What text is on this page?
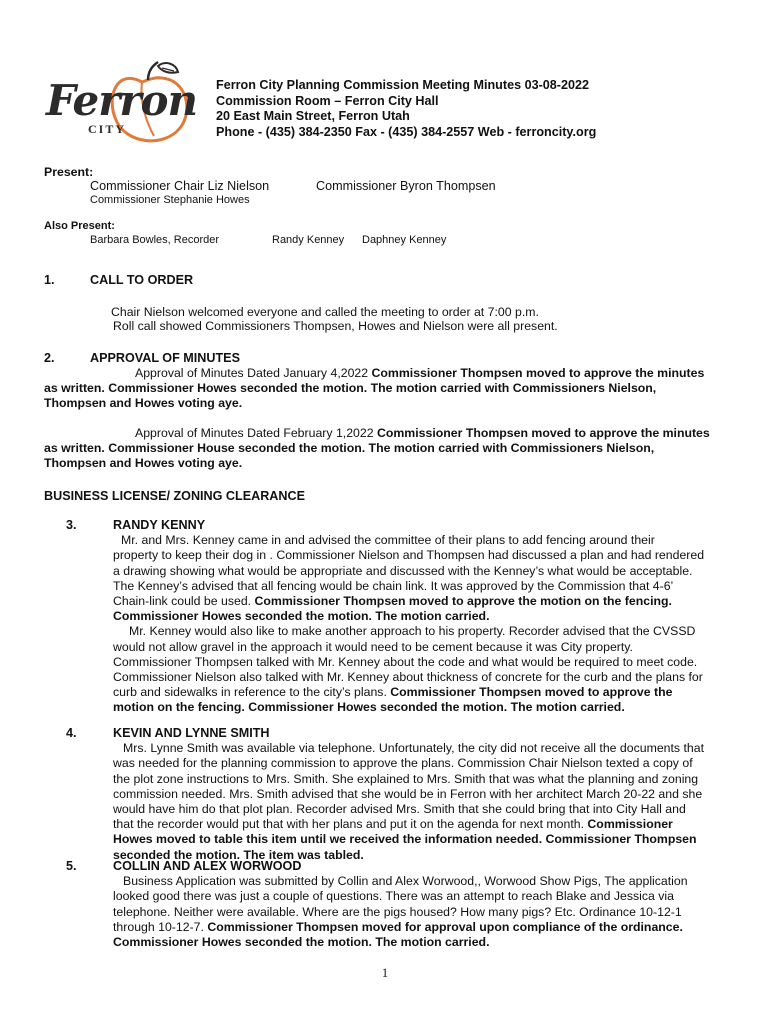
Ferron
CITY
Ferron City Planning Commission Meeting Minutes 03-08-2022
Commission Room – Ferron City Hall
20 East Main Street, Ferron Utah
Phone - (435) 384-2350 Fax - (435) 384-2557 Web - ferroncity.org
Present:
Commissioner Chair Liz Nielson	Commissioner Byron Thompsen
Commissioner Stephanie Howes
Also Present:
Barbara Bowles, Recorder	Randy Kenney Daphney Kenney
1.	CALL TO ORDER
Chair Nielson welcomed everyone and called the meeting to order at 7:00 p.m.
Roll call showed Commissioners Thompsen, Howes and Nielson were all present.
2.	APPROVAL OF MINUTES
Approval of Minutes Dated January 4,2022 Commissioner Thompsen moved to approve the minutes
as written. Commissioner Howes seconded the motion. The motion carried with Commissioners Nielson,
Thompsen and Howes voting aye.
Approval of Minutes Dated February 1,2022 Commissioner Thompsen moved to approve the minutes
as written. Commissioner House seconded the motion. The motion carried with Commissioners Nielson,
Thompsen and Howes voting aye.
BUSINESS LICENSE/ ZONING CLEARANCE
3.	RANDY KENNY
Mr. and Mrs. Kenney came in and advised the committee of their plans to add fencing around their
property to keep their dog in . Commissioner Nielson and Thompsen had discussed a plan and had rendered
a drawing showing what would be appropriate and discussed with the Kenney’s what would be acceptable.
The Kenney’s advised that all fencing would be chain link. It was approved by the Commission that 4-6’
Chain-link could be used. Commissioner Thompsen moved to approve the motion on the fencing.
Commissioner Howes seconded the motion. The motion carried.
Mr. Kenney would also like to make another approach to his property. Recorder advised that the CVSSD
would not allow gravel in the approach it would need to be cement because it was City property.
Commissioner Thompsen talked with Mr. Kenney about the code and what would be required to meet code.
Commissioner Nielson also talked with Mr. Kenney about thickness of concrete for the curb and the plans for
curb and sidewalks in reference to the city’s plans. Commissioner Thompsen moved to approve the
motion on the fencing. Commissioner Howes seconded the motion. The motion carried.
4.	KEVIN AND LYNNE SMITH
Mrs. Lynne Smith was available via telephone. Unfortunately, the city did not receive all the documents that
was needed for the planning commission to approve the plans. Commission Chair Nielson texted a copy of
the plot zone instructions to Mrs. Smith. She explained to Mrs. Smith that was what the planning and zoning
commission needed. Mrs. Smith advised that she would be in Ferron with her architect March 20-22 and she
would have him do that plot plan. Recorder advised Mrs. Smith that she could bring that into City Hall and
that the recorder would put that with her plans and put it on the agenda for next month. Commissioner
Howes moved to table this item until we received the information needed. Commissioner Thompsen
seconded the motion. The item was tabled.
5.	COLLIN AND ALEX WORWOOD
Business Application was submitted by Collin and Alex Worwood,, Worwood Show Pigs, The application
looked good there was just a couple of questions. There was an attempt to reach Blake and Jessica via
telephone. Neither were available. Where are the pigs housed? How many pigs? Etc. Ordinance 10-12-1
through 10-12-7. Commissioner Thompsen moved for approval upon compliance of the ordinance.
Commissioner Howes seconded the motion. The motion carried.
1
